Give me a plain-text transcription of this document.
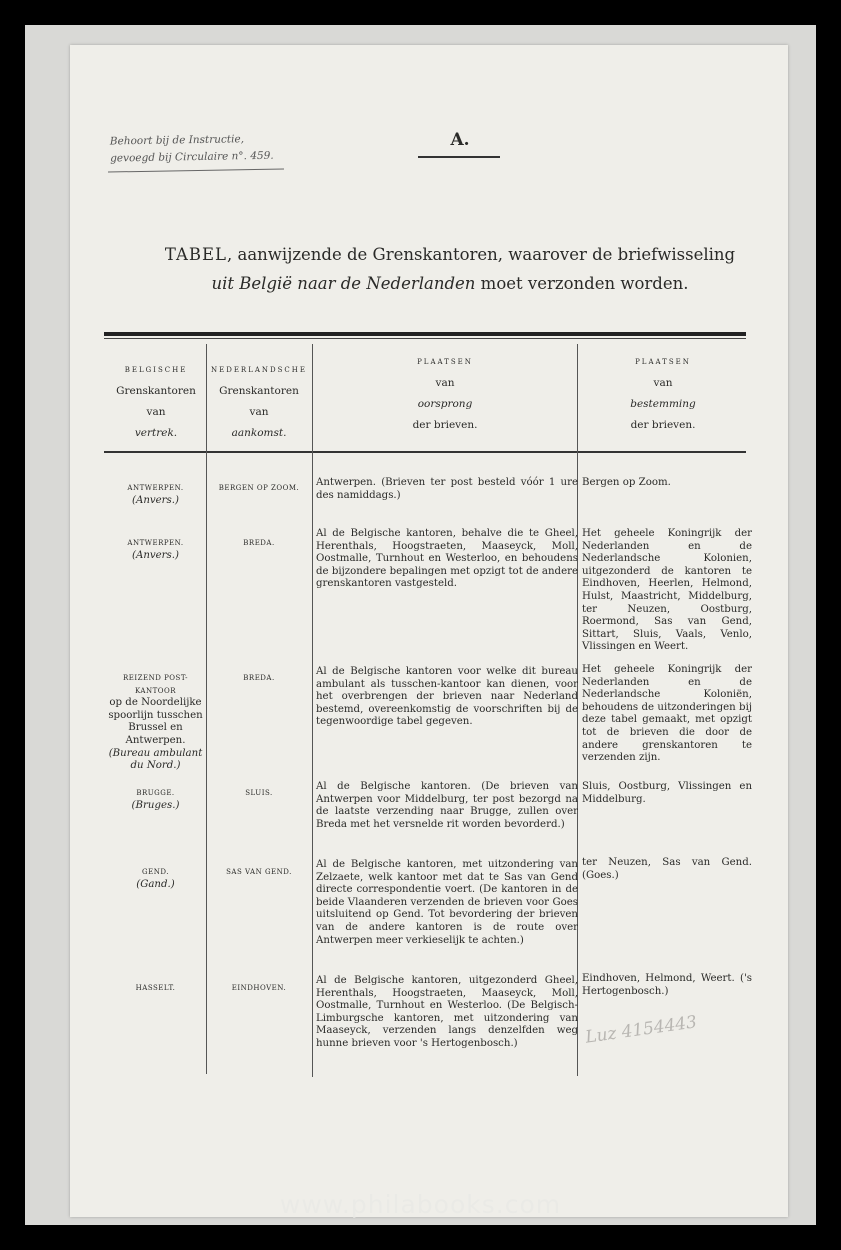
Behoort bij de Instructie,
gevoegd bij Circulaire n°. 459.
A.
TABEL, aanwijzende de Grenskantoren, waarover de briefwisseling
uit België naar de Nederlanden moet verzonden worden.
BELGISCHE
Grenskantoren
van
vertrek.
NEDERLANDSCHE
Grenskantoren
van
aankomst.
PLAATSEN
van
oorsprong
der brieven.
PLAATSEN
van
bestemming
der brieven.
ANTWERPEN.
(Anvers.)
BERGEN OP ZOOM.	Antwerpen. (Brieven ter post besteld vóór 1 ure des namiddags.)
Bergen op Zoom.
ANTWERPEN.
(Anvers.)
BREDA.
Al de Belgische kantoren, behalve die te Gheel, Herenthals, Hoogstraeten, Maaseyck, Moll, Oostmalle, Turnhout en Westerloo, en behoudens de bijzondere bepalingen met opzigt tot de andere grenskantoren vastgesteld.
Het geheele Koningrijk der Nederlanden en de Nederlandsche Kolonien, uitgezonderd de kantoren te Eindhoven, Heerlen, Helmond, Hulst, Maastricht, Middelburg, ter Neuzen, Oostburg, Roermond, Sas van Gend, Sittart, Sluis, Vaals, Venlo, Vlissingen en Weert.
REIZEND POST-KANTOOR
op de Noordelijke spoorlijn tusschen
Brussel en Antwerpen.
(Bureau ambulant du Nord.)
BREDA.
Al de Belgische kantoren voor welke dit bureau ambulant als tusschen-kantoor kan dienen, voor het overbrengen der brieven naar Nederland bestemd, overeenkomstig de voorschriften bij de tegenwoordige tabel gegeven.
Het geheele Koningrijk der Nederlanden en de Nederlandsche Koloniën, behoudens de uitzonderingen bij deze tabel gemaakt, met opzigt tot de brieven die door de andere grenskantoren te verzenden zijn.
BRUGGE.
(Bruges.)
SLUIS.
Al de Belgische kantoren. (De brieven van Antwerpen voor Middelburg, ter post bezorgd na de laatste verzending naar Brugge, zullen over Breda met het versnelde rit worden bevorderd.)
Sluis, Oostburg, Vlissingen en Middelburg.
GEND.
(Gand.)
SAS VAN GEND.
Al de Belgische kantoren, met uitzondering van Zelzaete, welk kantoor met dat te Sas van Gend directe correspondentie voert. (De kantoren in de beide Vlaanderen verzenden de brieven voor Goes uitsluitend op Gend. Tot bevordering der brieven van de andere kantoren is de route over Antwerpen meer verkieselijk te achten.)
ter Neuzen, Sas van Gend. (Goes.)
HASSELT.	EINDHOVEN.
Al de Belgische kantoren, uitgezonderd Gheel, Herenthals, Hoogstraeten, Maaseyck, Moll, Oostmalle, Turnhout en Westerloo. (De Belgisch-Limburgsche kantoren, met uitzondering van Maaseyck, verzenden langs denzelfden weg hunne brieven voor 's Hertogenbosch.)
Eindhoven, Helmond, Weert. ('s Hertogenbosch.)
Luz 4154443
www.philabooks.com
